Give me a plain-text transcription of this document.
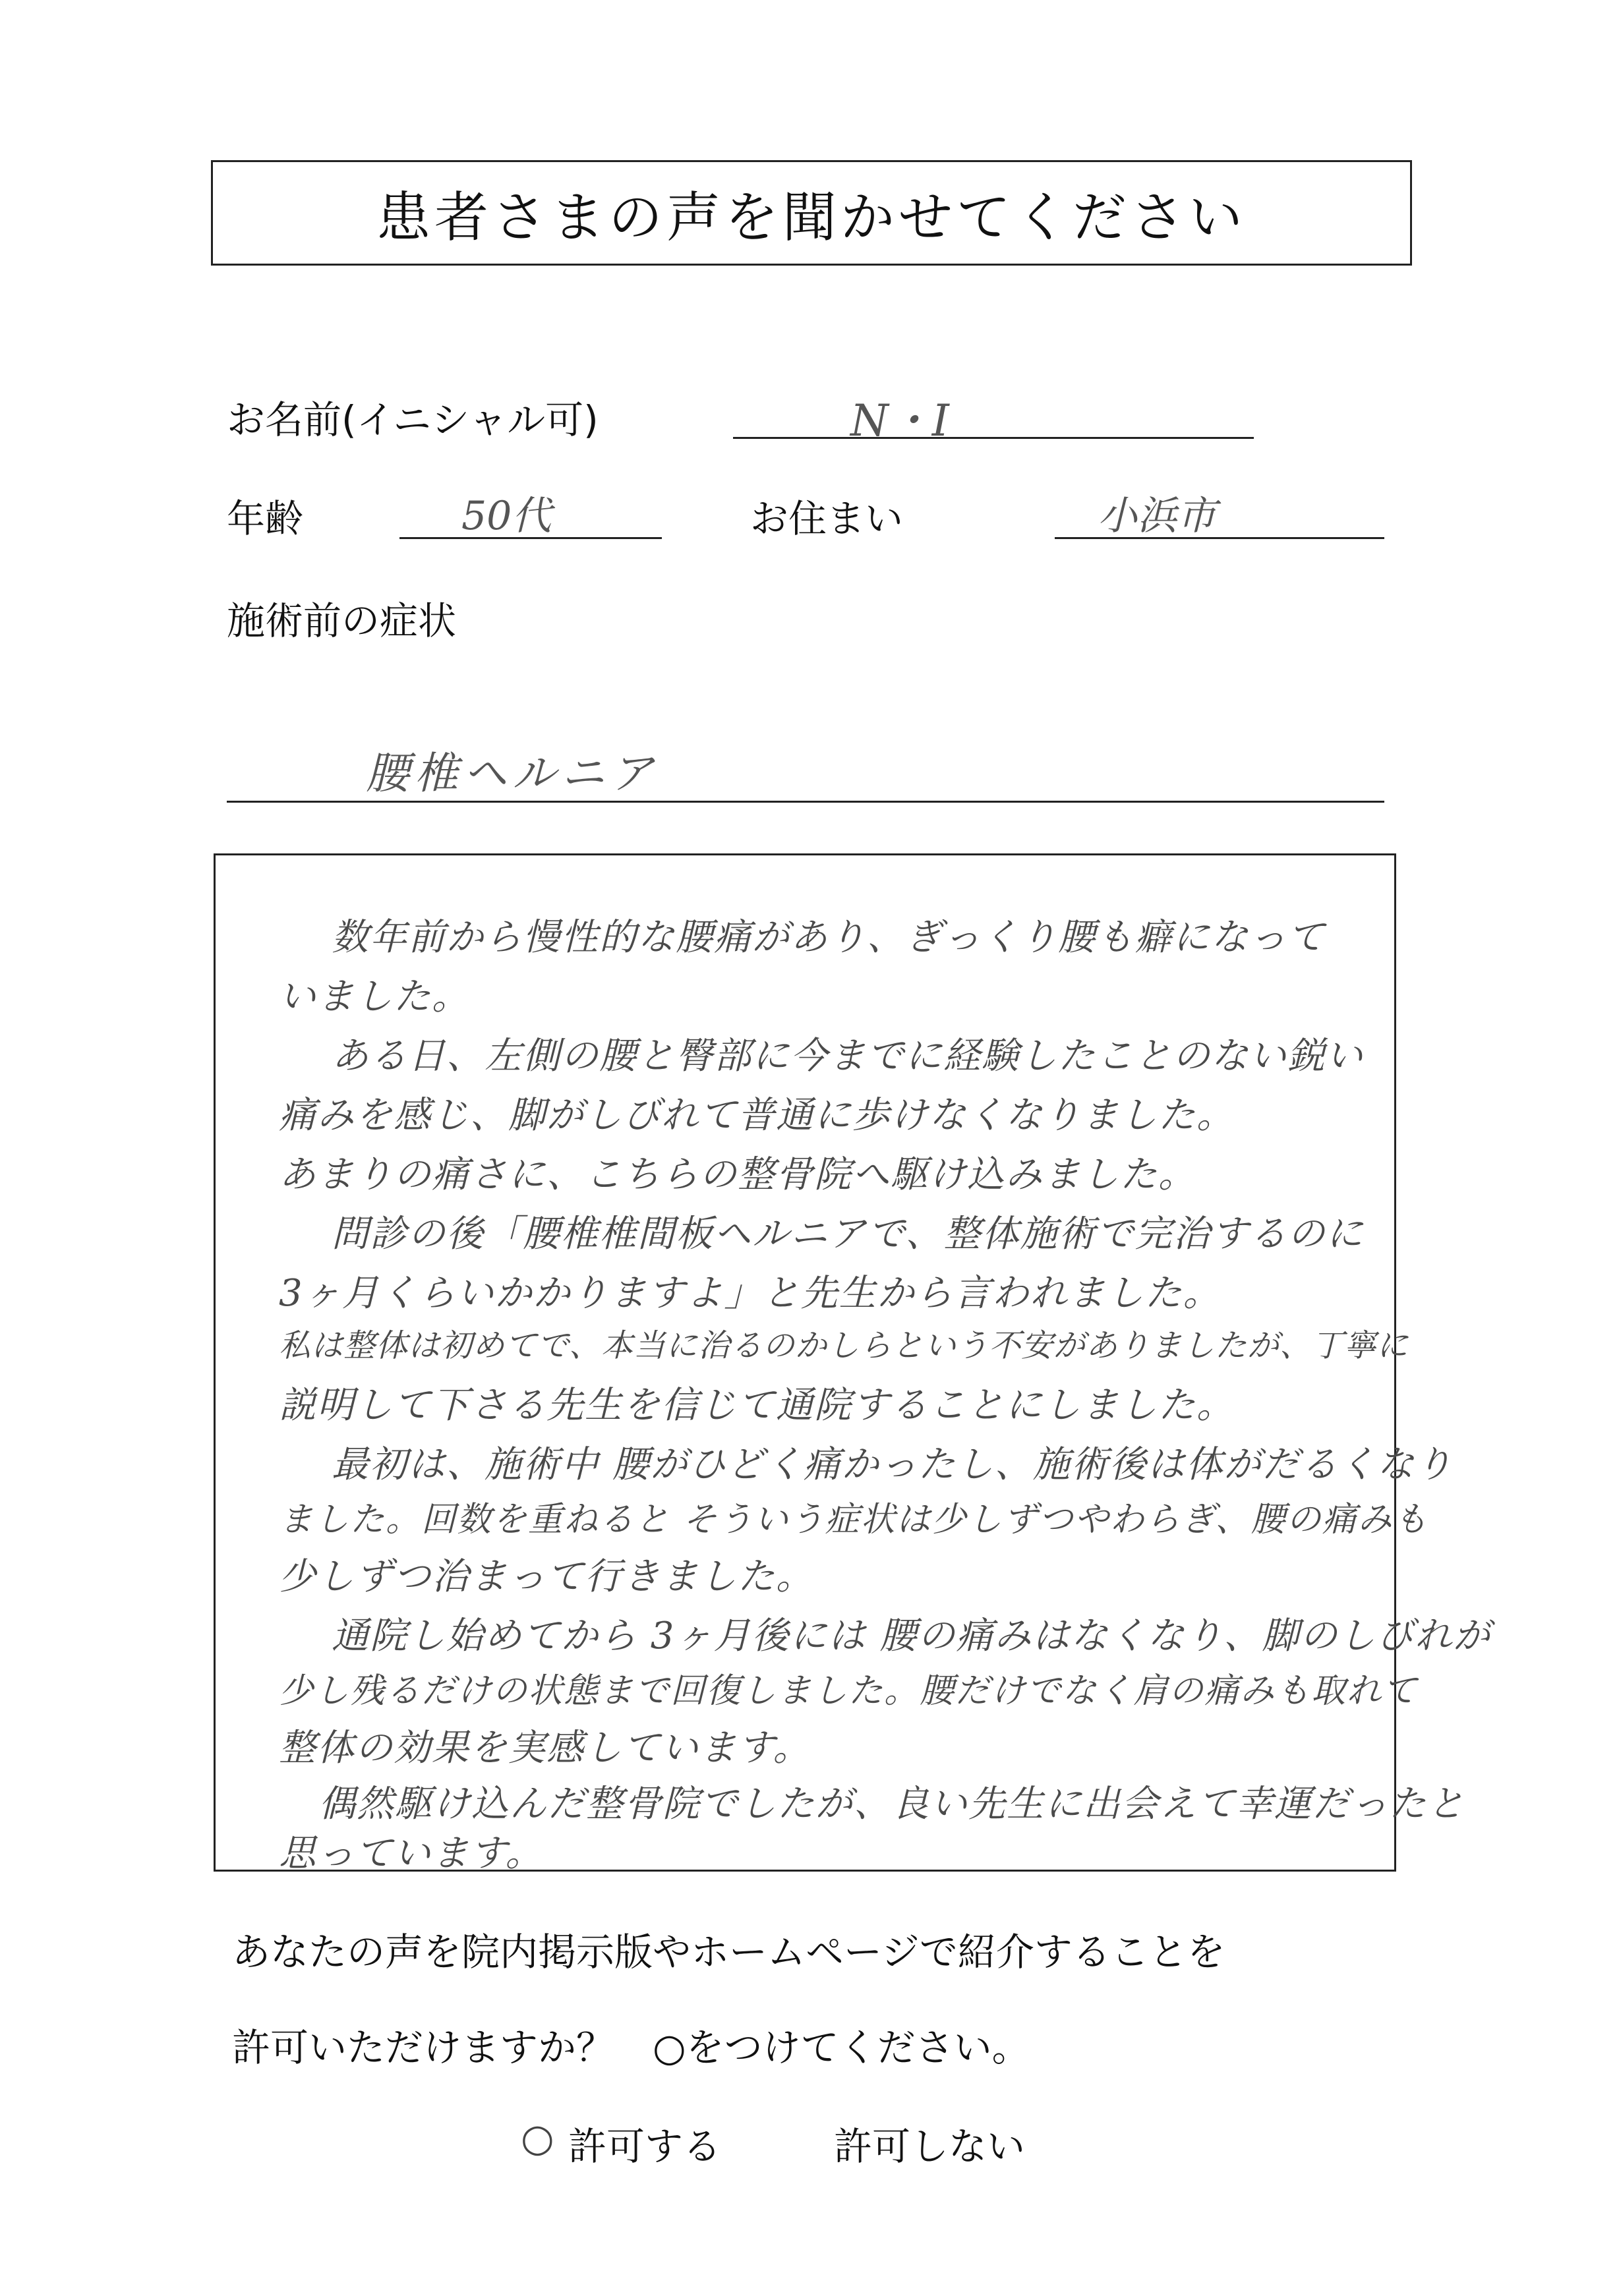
患者さまの声を聞かせてください
お名前(イニシャル可)	N・I
年齢	50代	お住まい	小浜市
施術前の症状
腰椎ヘルニア
数年前から慢性的な腰痛があり、ぎっくり腰も癖になって
いました。
ある日、左側の腰と臀部に今までに経験したことのない鋭い
痛みを感じ、脚がしびれて普通に歩けなくなりました。
あまりの痛さに、こちらの整骨院へ駆け込みました。
問診の後「腰椎椎間板ヘルニアで、整体施術で完治するのに
3ヶ月くらいかかりますよ」と先生から言われました。
私は整体は初めてで、本当に治るのかしらという不安がありましたが、丁寧に
説明して下さる先生を信じて通院することにしました。
最初は、施術中 腰がひどく痛かったし、施術後は体がだるくなり
ました。回数を重ねると そういう症状は少しずつやわらぎ、腰の痛みも
少しずつ治まって行きました。
通院し始めてから 3ヶ月後には 腰の痛みはなくなり、脚のしびれが
少し残るだけの状態まで回復しました。腰だけでなく肩の痛みも取れて
整体の効果を実感しています。
偶然駆け込んだ整骨院でしたが、良い先生に出会えて幸運だったと
思っています。
あなたの声を院内掲示版やホームページで紹介することを
許可いただけますか？　○をつけてください。
○ 許可する	許可しない
